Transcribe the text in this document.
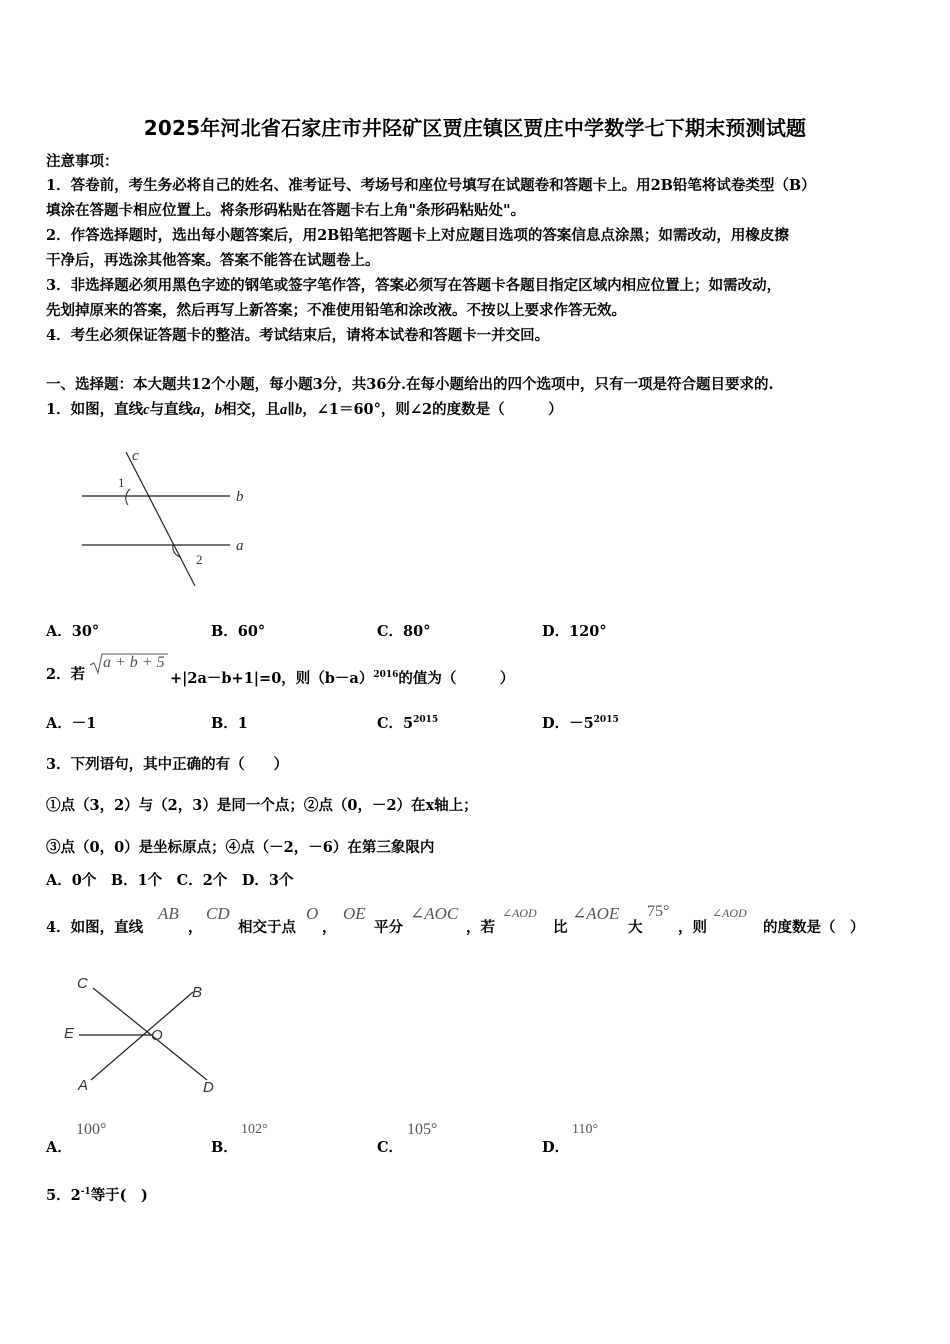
2025年河北省石家庄市井陉矿区贾庄镇区贾庄中学数学七下期末预测试题
注意事项：
1．答卷前，考生务必将自己的姓名、准考证号、考场号和座位号填写在试题卷和答题卡上。用2B铅笔将试卷类型（B）
填涂在答题卡相应位置上。将条形码粘贴在答题卡右上角"条形码粘贴处"。
2．作答选择题时，选出每小题答案后，用2B铅笔把答题卡上对应题目选项的答案信息点涂黑；如需改动，用橡皮擦
干净后，再选涂其他答案。答案不能答在试题卷上。
3．非选择题必须用黑色字迹的钢笔或签字笔作答，答案必须写在答题卡各题目指定区域内相应位置上；如需改动，
先划掉原来的答案，然后再写上新答案；不准使用铅笔和涂改液。不按以上要求作答无效。
4．考生必须保证答题卡的整洁。考试结束后，请将本试卷和答题卡一并交回。
一、选择题：本大题共12个小题，每小题3分，共36分.在每小题给出的四个选项中，只有一项是符合题目要求的.
1．如图，直线c与直线a，b相交，且a∥b，∠1＝60°，则∠2的度数是（　　　）
c
1
b
a
2
A．30°	B．60°	C．80°	D．120°
2．若
a + b + 5
+|2a－b+1|=0，则$(b-a)^{2016}$的值为（　　　）
A．－1	B．1	C．$5^{2015}$	D．$-5^{2015}$
3．下列语句，其中正确的有（　　）
①点（3，2）与（2，3）是同一个点；②点（0，－2）在x轴上；
③点（0，0）是坐标原点；④点（－2，－6）在第三象限内
A．0个　B．1个　C．2个　D．3个
4．如图，直线
AB
，
CD
相交于点
O
，
OE
平分
∠AOC
，若
∠AOD
比
∠AOE
大
75°
，则
∠AOD
的度数是（　）
C
B
E	O
A	D
A．
100°
B．
102°
C．
105°
D．
110°
5．$2^{-1}$等于(　)
